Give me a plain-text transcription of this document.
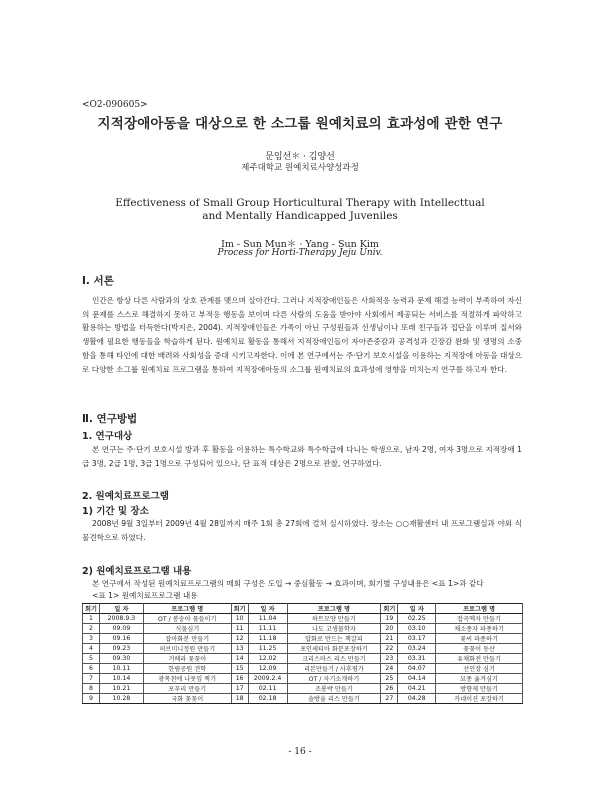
<O2-090605>
지적장애아동을 대상으로 한 소그룹 원예치료의 효과성에 관한 연구
문임선＊ · 김양선
제주대학교 원예치료사양성과정
Effectiveness of Small Group Horticultural Therapy with Intellecttual and Mentally Handicapped Juveniles
Im - Sun Mun＊ · Yang - Sun Kim
Process for Horti-Therapy Jeju Univ.
Ⅰ. 서론

인간은 항상 다른 사람과의 상호 관계를 맺으며 살아간다. 그러나 지적장애인들은 사회적응 능력과 문제 해결 능력이 부족하여 자신의 문제를 스스로 해결하지 못하고 부적응 행동을 보이며 다른 사람의 도움을 받아야 사회에서 제공되는 서비스를 적절하게 파악하고 활용하는 방법을 터득한다(박지은, 2004). 지적장애인들은 가족이 아닌 구성원들과 선생님이나 또래 친구들과 집단을 이루며 질서와 생활에 필요한 행동들을 학습하게 된다. 원예치료 활동을 통해서 지적장애인들이 자아존중감과 공격성과 긴장감 완화 및 생명의 소중함을 통해 타인에 대한 배려와 사회성을 증대 시키고자한다. 이에 본 연구에서는 주·단기 보호시설을 이용하는 지적장애 아동을 대상으로 다양한 소그룹 원예치료 프로그램을 통하여 지적장애아동의 소그룹 원예치료의 효과성에 영향을 미치는지 연구를 하고자 한다.

Ⅱ. 연구방법

1. 연구대상

본 연구는 주·단기 보호시설 방과 후 활동을 이용하는 특수학교와 특수학급에 다니는 학생으로, 남자 2명, 여자 3명으로 지적장애 1급 3명, 2급 1명, 3급 1명으로 구성되어 있으나, 단 표적 대상은 2명으로 관찰, 연구하였다.

2. 원예치료프로그램

1) 기간 및 장소

2008년 9월 3일부터 2009년 4월 28일까지 매주 1회 총 27회에 걸쳐 실시하였다. 장소는 ○○재활센터 내 프로그램실과 야외 식물견학으로 하였다.

2) 원예치료프로그램 내용

본 연구에서 작성된 원예치료프로그램의 매회 구성은 도입 → 중심활동 → 효과이며, 회기별 구성내용은 <표 1>과 같다

<표 1> 원예치료프로그램 내용
회기	일 자	프로그램 명	회기	일 자	프로그램 명	회기	일 자	프로그램 명
1	2008.9.3	OT / 봉숭아 물들이기	10	11.04	하트모양 만들기	19	02.25	잡곡액자 만들기
2	09.09	식물심기	11	11.11	나도 고생물학자	20	03.10	채소종자 파종하기
3	09.16	잡아화분 만들기	12	11.18	압화로 만드는 책갈피	21	03.17	꽃씨 파종하기
4	09.23	허브미니정원 만들기	13	11.25	포인세티아 화분포장하기	22	03.24	꽃꽂이 동산
5	09.30	거베라 꽃꽂이	14	12.02	크리스마스 리스 만들기	23	03.31	유채화전 만들기
6	10.11	한림공원 견학	15	12.09	리본만들기 / 사후평가	24	04.07	선인장 심기
7	10.14	광목천에 나뭇잎 찍기	16	2009.2.4	OT / 자기소개하기	25	04.14	묘종 옮겨심기
8	10.21	포푸리 만들기	17	02.11	조롱박 만들기	26	04.21	방향제 만들기
9	10.28	국화 꽃꽂이	18	02.18	솔방울 리스 만들기	27	04.28	카네이션 포장하기
- 16 -
